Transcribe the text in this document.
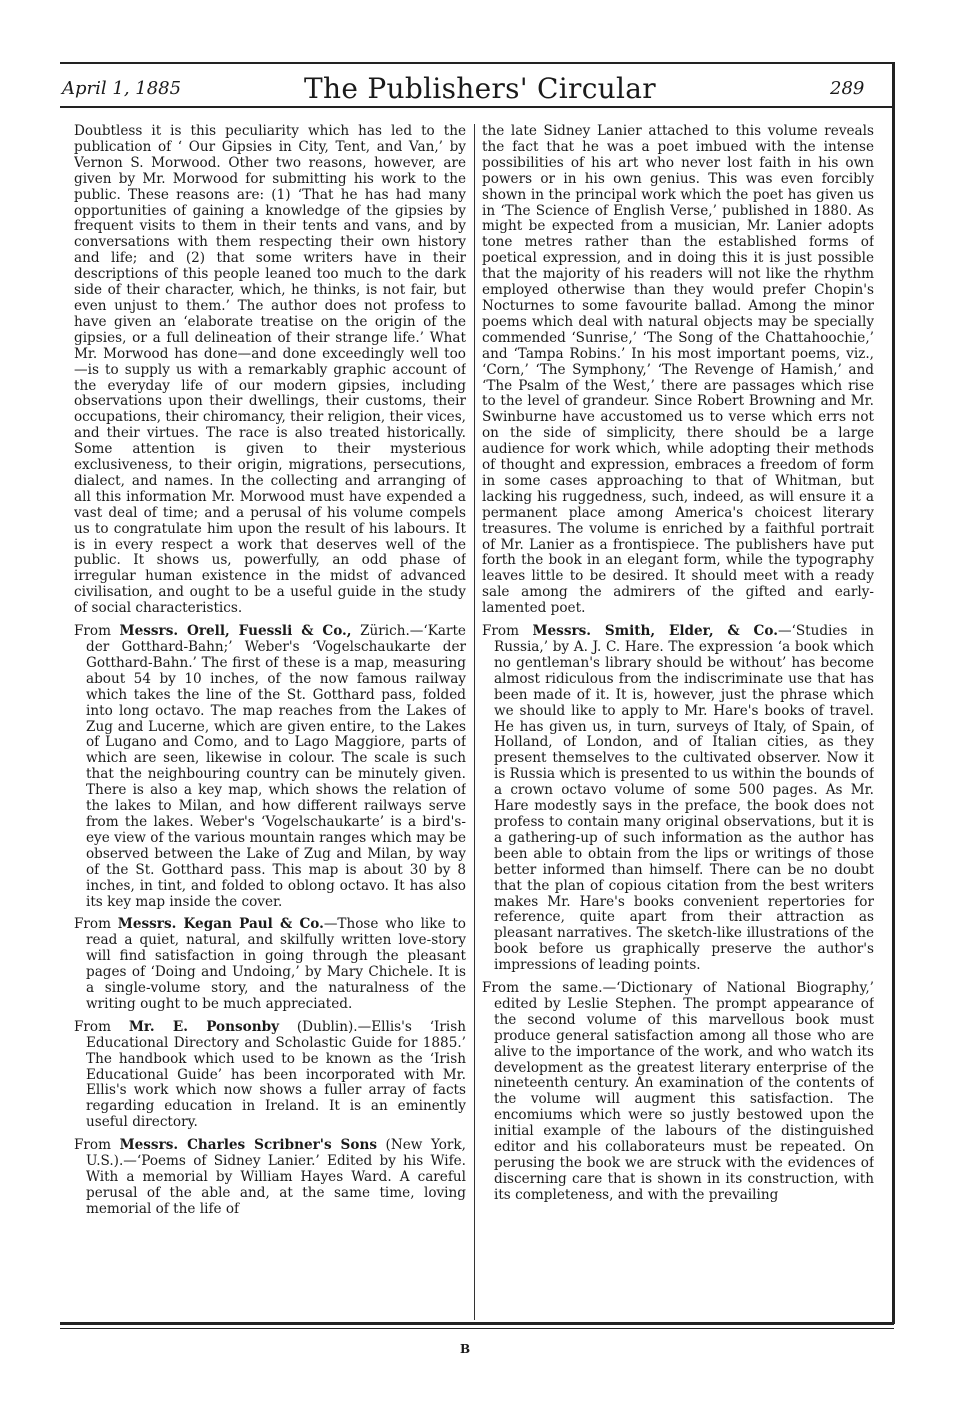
April 1, 1885	The Publishers' Circular	289

Doubtless it is this peculiarity which has led to the publication of ‘ Our Gipsies in City, Tent, and Van,’ by Vernon S. Morwood. Other two reasons, however, are given by Mr. Morwood for submitting his work to the public. These reasons are: (1) ‘That he has had many opportunities of gaining a knowledge of the gipsies by frequent visits to them in their tents and vans, and by conversations with them respecting their own history and life; and (2) that some writers have in their descriptions of this people leaned too much to the dark side of their character, which, he thinks, is not fair, but even unjust to them.’ The author does not profess to have given an ‘elaborate treatise on the origin of the gipsies, or a full delineation of their strange life.’ What Mr. Morwood has done—and done exceedingly well too—is to supply us with a remarkably graphic account of the everyday life of our modern gipsies, including observations upon their dwellings, their customs, their occupations, their chiromancy, their religion, their vices, and their virtues. The race is also treated historically. Some attention is given to their mysterious exclusiveness, to their origin, migrations, persecutions, dialect, and names. In the collecting and arranging of all this information Mr. Morwood must have expended a vast deal of time; and a perusal of his volume compels us to congratulate him upon the result of his labours. It is in every respect a work that deserves well of the public. It shows us, powerfully, an odd phase of irregular human existence in the midst of advanced civilisation, and ought to be a useful guide in the study of social characteristics.

From Messrs. Orell, Fuessli & Co., Zürich.—‘Karte der Gotthard-Bahn;’ Weber's ‘Vogelschaukarte der Gotthard-Bahn.’ The first of these is a map, measuring about 54 by 10 inches, of the now famous railway which takes the line of the St. Gotthard pass, folded into long octavo. The map reaches from the Lakes of Zug and Lucerne, which are given entire, to the Lakes of Lugano and Como, and to Lago Maggiore, parts of which are seen, likewise in colour. The scale is such that the neighbouring country can be minutely given. There is also a key map, which shows the relation of the lakes to Milan, and how different railways serve from the lakes. Weber's ‘Vogelschaukarte’ is a bird's-eye view of the various mountain ranges which may be observed between the Lake of Zug and Milan, by way of the St. Gotthard pass. This map is about 30 by 8 inches, in tint, and folded to oblong octavo. It has also its key map inside the cover.

From Messrs. Kegan Paul & Co.—Those who like to read a quiet, natural, and skilfully written love-story will find satisfaction in going through the pleasant pages of ‘Doing and Undoing,’ by Mary Chichele. It is a single-volume story, and the naturalness of the writing ought to be much appreciated.

From Mr. E. Ponsonby (Dublin).—Ellis's ‘Irish Educational Directory and Scholastic Guide for 1885.’ The handbook which used to be known as the ‘Irish Educational Guide’ has been incorporated with Mr. Ellis's work which now shows a fuller array of facts regarding education in Ireland. It is an eminently useful directory.

From Messrs. Charles Scribner's Sons (New York, U.S.).—‘Poems of Sidney Lanier.’ Edited by his Wife. With a memorial by William Hayes Ward. A careful perusal of the able and, at the same time, loving memorial of the life of

the late Sidney Lanier attached to this volume reveals the fact that he was a poet imbued with the intense possibilities of his art who never lost faith in his own powers or in his own genius. This was even forcibly shown in the principal work which the poet has given us in ‘The Science of English Verse,’ published in 1880. As might be expected from a musician, Mr. Lanier adopts tone metres rather than the established forms of poetical expression, and in doing this it is just possible that the majority of his readers will not like the rhythm employed otherwise than they would prefer Chopin's Nocturnes to some favourite ballad. Among the minor poems which deal with natural objects may be specially commended ‘Sunrise,’ ‘The Song of the Chattahoochie,’ and ‘Tampa Robins.’ In his most important poems, viz., ‘Corn,’ ‘The Symphony,’ ‘The Revenge of Hamish,’ and ‘The Psalm of the West,’ there are passages which rise to the level of grandeur. Since Robert Browning and Mr. Swinburne have accustomed us to verse which errs not on the side of simplicity, there should be a large audience for work which, while adopting their methods of thought and expression, embraces a freedom of form in some cases approaching to that of Whitman, but lacking his ruggedness, such, indeed, as will ensure it a permanent place among America's choicest literary treasures. The volume is enriched by a faithful portrait of Mr. Lanier as a frontispiece. The publishers have put forth the book in an elegant form, while the typography leaves little to be desired. It should meet with a ready sale among the admirers of the gifted and early-lamented poet.

From Messrs. Smith, Elder, & Co.—‘Studies in Russia,’ by A. J. C. Hare. The expression ‘a book which no gentleman's library should be without’ has become almost ridiculous from the indiscriminate use that has been made of it. It is, however, just the phrase which we should like to apply to Mr. Hare's books of travel. He has given us, in turn, surveys of Italy, of Spain, of Holland, of London, and of Italian cities, as they present themselves to the cultivated observer. Now it is Russia which is presented to us within the bounds of a crown octavo volume of some 500 pages. As Mr. Hare modestly says in the preface, the book does not profess to contain many original observations, but it is a gathering-up of such information as the author has been able to obtain from the lips or writings of those better informed than himself. There can be no doubt that the plan of copious citation from the best writers makes Mr. Hare's books convenient repertories for reference, quite apart from their attraction as pleasant narratives. The sketch-like illustrations of the book before us graphically preserve the author's impressions of leading points.

From the same.—‘Dictionary of National Biography,’ edited by Leslie Stephen. The prompt appearance of the second volume of this marvellous book must produce general satisfaction among all those who are alive to the importance of the work, and who watch its development as the greatest literary enterprise of the nineteenth century. An examination of the contents of the volume will augment this satisfaction. The encomiums which were so justly bestowed upon the initial example of the labours of the distinguished editor and his collaborateurs must be repeated. On perusing the book we are struck with the evidences of discerning care that is shown in its construction, with its completeness, and with the prevailing

B
